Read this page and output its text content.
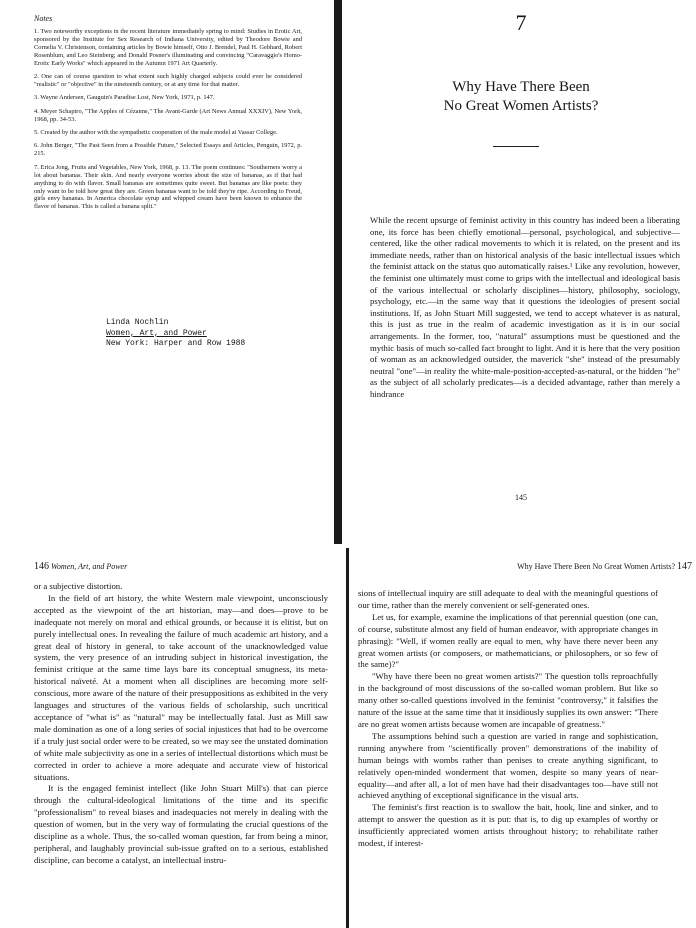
Notes
1. Two noteworthy exceptions in the recent literature immediately spring to mind: Studies in Erotic Art, sponsored by the Institute for Sex Research of Indiana University, edited by Theodore Bowie and Cornelia V. Christenson, containing articles by Bowie himself, Otto J. Brendel, Paul H. Gebhard, Robert Rosenblum, and Leo Steinberg; and Donald Posner's illuminating and convincing "Caravaggio's Homo-Erotic Early Works" which appeared in the Autumn 1971 Art Quarterly.
2. One can of course question to what extent such highly charged subjects could ever be considered "realistic" or "objective" in the nineteenth century, or at any time for that matter.
3. Wayne Andersen, Gauguin's Paradise Lost, New York, 1971, p. 147.
4. Meyer Schapiro, "The Apples of Cézanne," The Avant-Garde (Art News Annual XXXIV), New York, 1968, pp. 34-53.
5. Created by the author with the sympathetic cooperation of the male model at Vassar College.
6. John Berger, "The Past Seen from a Possible Future," Selected Essays and Articles, Penguin, 1972, p. 215.
7. Erica Jong, Fruits and Vegetables, New York, 1968, p. 13. The poem continues: "Southerners worry a lot about bananas. Their skin. And nearly everyone worries about the size of bananas, as if that had anything to do with flavor. Small bananas are sometimes quite sweet. But bananas are like poets: they only want to be told how great they are. Green bananas want to be told they're ripe. According to Freud, girls envy bananas. In America chocolate syrup and whipped cream have been known to enhance the flavor of bananas. This is called a banana split."
Linda Nochlin
Women, Art, and Power
New York: Harper and Row 1988
7
Why Have There Been
No Great Women Artists?

While the recent upsurge of feminist activity in this country has indeed been a liberating one, its force has been chiefly emotional—personal, psychological, and subjective—centered, like the other radical movements to which it is related, on the present and its immediate needs, rather than on historical analysis of the basic intellectual issues which the feminist attack on the status quo automatically raises.¹ Like any revolution, however, the feminist one ultimately must come to grips with the intellectual and ideological basis of the various intellectual or scholarly disciplines—history, philosophy, sociology, psychology, etc.—in the same way that it questions the ideologies of present social institutions. If, as John Stuart Mill suggested, we tend to accept whatever is as natural, this is just as true in the realm of academic investigation as it is in our social arrangements. In the former, too, "natural" assumptions must be questioned and the mythic basis of much so-called fact brought to light. And it is here that the very position of woman as an acknowledged outsider, the maverick "she" instead of the presumably neutral "one"—in reality the white-male-position-accepted-as-natural, or the hidden "he" as the subject of all scholarly predicates—is a decided advantage, rather than merely a hindrance

145
146 Women, Art, and Power

or a subjective distortion.

In the field of art history, the white Western male viewpoint, unconsciously accepted as the viewpoint of the art historian, may—and does—prove to be inadequate not merely on moral and ethical grounds, or because it is elitist, but on purely intellectual ones. In revealing the failure of much academic art history, and a great deal of history in general, to take account of the unacknowledged value system, the very presence of an intruding subject in historical investigation, the feminist critique at the same time lays bare its conceptual smugness, its meta-historical naïveté. At a moment when all disciplines are becoming more self-conscious, more aware of the nature of their presuppositions as exhibited in the very languages and structures of the various fields of scholarship, such uncritical acceptance of "what is" as "natural" may be intellectually fatal. Just as Mill saw male domination as one of a long series of social injustices that had to be overcome if a truly just social order were to be created, so we may see the unstated domination of white male subjectivity as one in a series of intellectual distortions which must be corrected in order to achieve a more adequate and accurate view of historical situations.

It is the engaged feminist intellect (like John Stuart Mill's) that can pierce through the cultural-ideological limitations of the time and its specific "professionalism" to reveal biases and inadequacies not merely in dealing with the question of women, but in the very way of formulating the crucial questions of the discipline as a whole. Thus, the so-called woman question, far from being a minor, peripheral, and laughably provincial sub-issue grafted on to a serious, established discipline, can become a catalyst, an intellectual instru-

Why Have There Been No Great Women Artists? 147

sions of intellectual inquiry are still adequate to deal with the meaningful questions of our time, rather than the merely convenient or self-generated ones.

Let us, for example, examine the implications of that perennial question (one can, of course, substitute almost any field of human endeavor, with appropriate changes in phrasing): "Well, if women really are equal to men, why have there never been any great women artists (or composers, or mathematicians, or philosophers, or so few of the same)?"

"Why have there been no great women artists?" The question tolls reproachfully in the background of most discussions of the so-called woman problem. But like so many other so-called questions involved in the feminist "controversy," it falsifies the nature of the issue at the same time that it insidiously supplies its own answer: "There are no great women artists because women are incapable of greatness."

The assumptions behind such a question are varied in range and sophistication, running anywhere from "scientifically proven" demonstrations of the inability of human beings with wombs rather than penises to create anything significant, to relatively open-minded wonderment that women, despite so many years of near-equality—and after all, a lot of men have had their disadvantages too—have still not achieved anything of exceptional significance in the visual arts.

The feminist's first reaction is to swallow the bait, hook, line and sinker, and to attempt to answer the question as it is put: that is, to dig up examples of worthy or insufficiently appreciated women artists throughout history; to rehabilitate rather modest, if interest-
